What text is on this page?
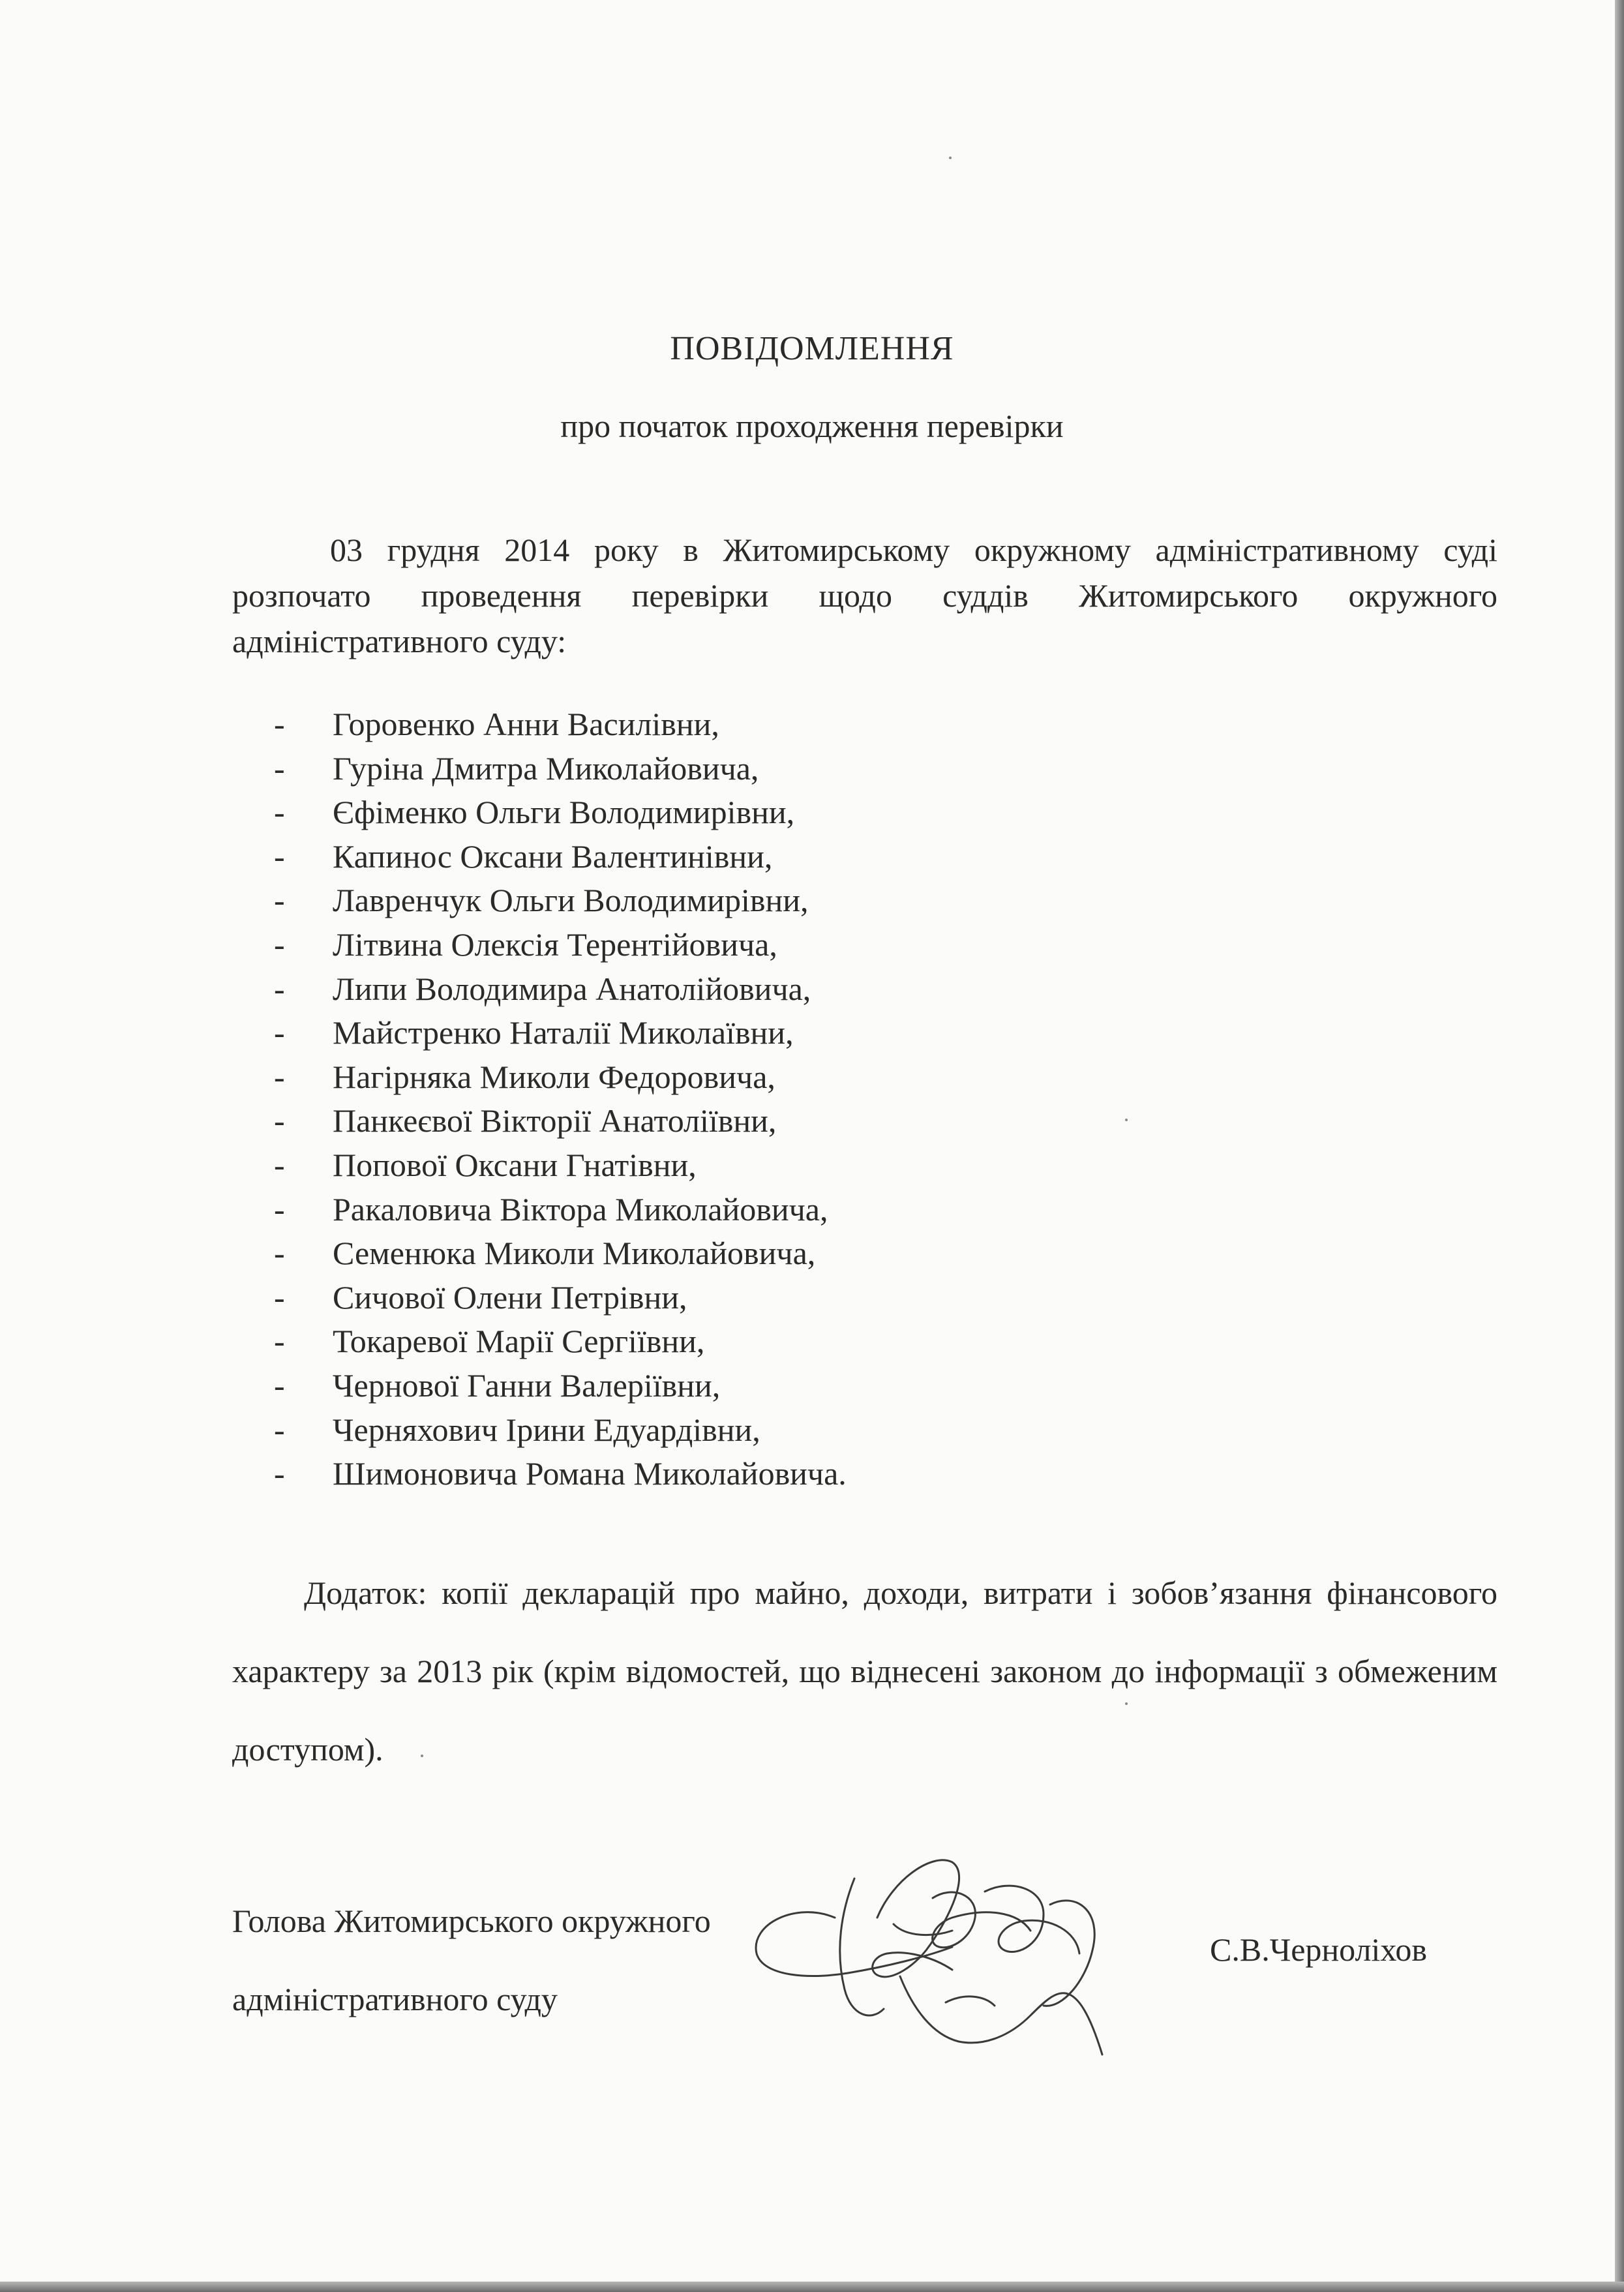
ПОВІДОМЛЕННЯ
про початок проходження перевірки

03 грудня 2014 року в Житомирському окружному адміністративному суді розпочато проведення перевірки щодо суддів Житомирського окружного адміністративного суду:

- Горовенко Анни Василівни,
- Гуріна Дмитра Миколайовича,
- Єфіменко Ольги Володимирівни,
- Капинос Оксани Валентинівни,
- Лавренчук Ольги Володимирівни,
- Літвина Олексія Терентійовича,
- Липи Володимира Анатолійовича,
- Майстренко Наталії Миколаївни,
- Нагірняка Миколи Федоровича,
- Панкеєвої Вікторії Анатоліївни,
- Попової Оксани Гнатівни,
- Ракаловича Віктора Миколайовича,
- Семенюка Миколи Миколайовича,
- Сичової Олени Петрівни,
- Токаревої Марії Сергіївни,
- Чернової Ганни Валеріївни,
- Черняхович Ірини Едуардівни,
- Шимоновича Романа Миколайовича.

Додаток: копії декларацій про майно, доходи, витрати і зобов’язання фінансового характеру за 2013 рік (крім відомостей, що віднесені законом до інформації з обмеженим доступом).

Голова Житомирського окружного
адміністративного суду
С.В.Черноліхов
